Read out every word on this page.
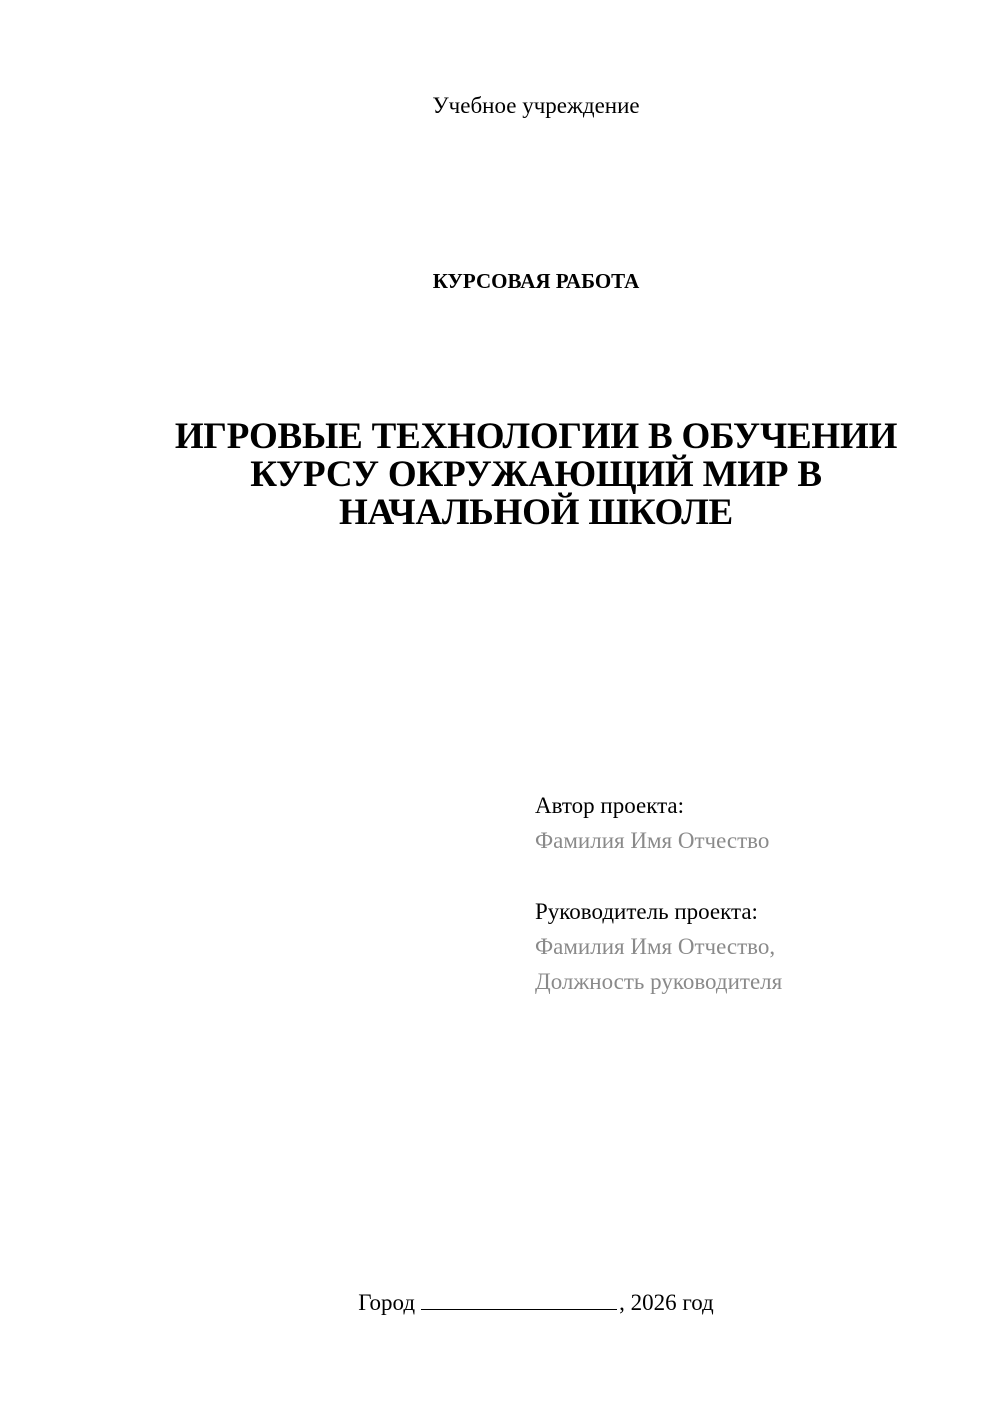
Учебное учреждение
КУРСОВАЯ РАБОТА
ИГРОВЫЕ ТЕХНОЛОГИИ В ОБУЧЕНИИ
КУРСУ ОКРУЖАЮЩИЙ МИР В
НАЧАЛЬНОЙ ШКОЛЕ
Автор проекта:
Фамилия Имя Отчество
Руководитель проекта:
Фамилия Имя Отчество,
Должность руководителя
Город	, 2026 год
